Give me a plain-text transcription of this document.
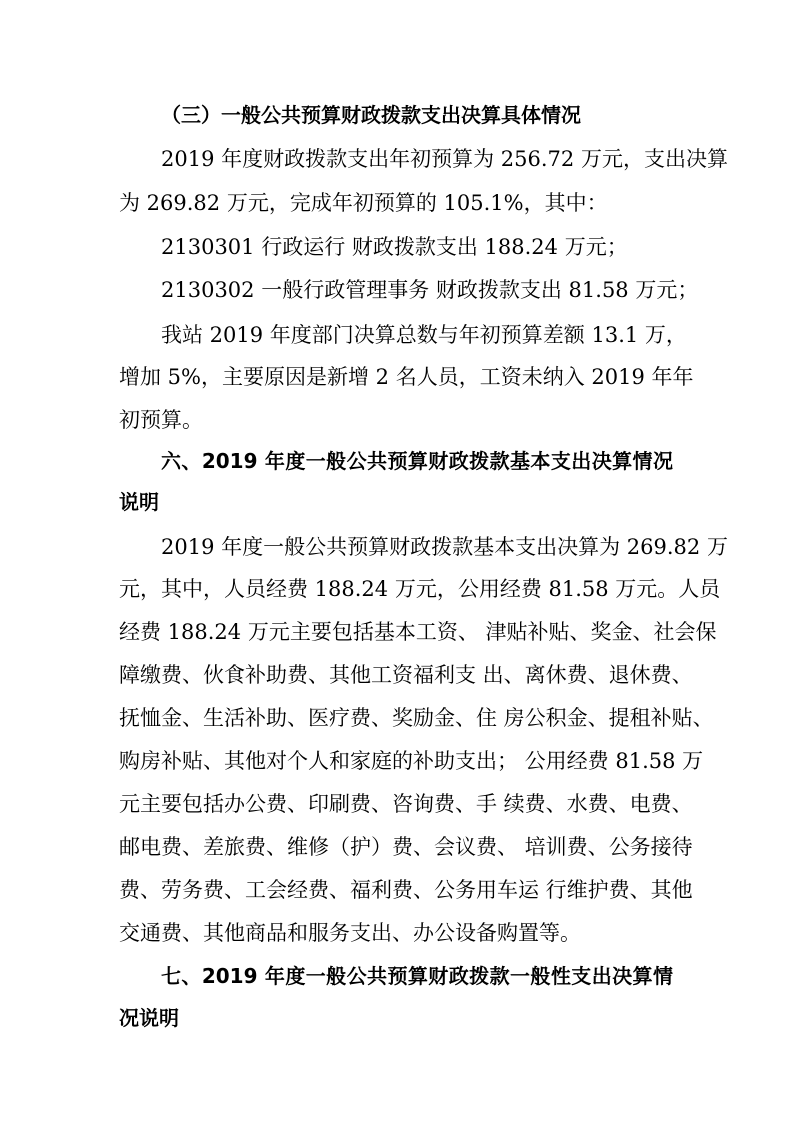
（三）一般公共预算财政拨款支出决算具体情况
2019 年度财政拨款支出年初预算为 256.72 万元，支出决算
为 269.82 万元，完成年初预算的 105.1%，其中：
2130301 行政运行 财政拨款支出 188.24 万元；
2130302 一般行政管理事务 财政拨款支出 81.58 万元；
我站 2019 年度部门决算总数与年初预算差额 13.1 万，
增加 5%，主要原因是新增 2 名人员，工资未纳入 2019 年年
初预算。
六、2019 年度一般公共预算财政拨款基本支出决算情况
说明
2019 年度一般公共预算财政拨款基本支出决算为 269.82 万
元，其中，人员经费 188.24 万元，公用经费 81.58 万元。人员
经费 188.24 万元主要包括基本工资、 津贴补贴、奖金、社会保
障缴费、伙食补助费、其他工资福利支 出、离休费、退休费、
抚恤金、生活补助、医疗费、奖励金、住 房公积金、提租补贴、
购房补贴、其他对个人和家庭的补助支出； 公用经费 81.58 万
元主要包括办公费、印刷费、咨询费、手 续费、水费、电费、
邮电费、差旅费、维修（护）费、会议费、 培训费、公务接待
费、劳务费、工会经费、福利费、公务用车运 行维护费、其他
交通费、其他商品和服务支出、办公设备购置等。
七、2019 年度一般公共预算财政拨款一般性支出决算情
况说明
